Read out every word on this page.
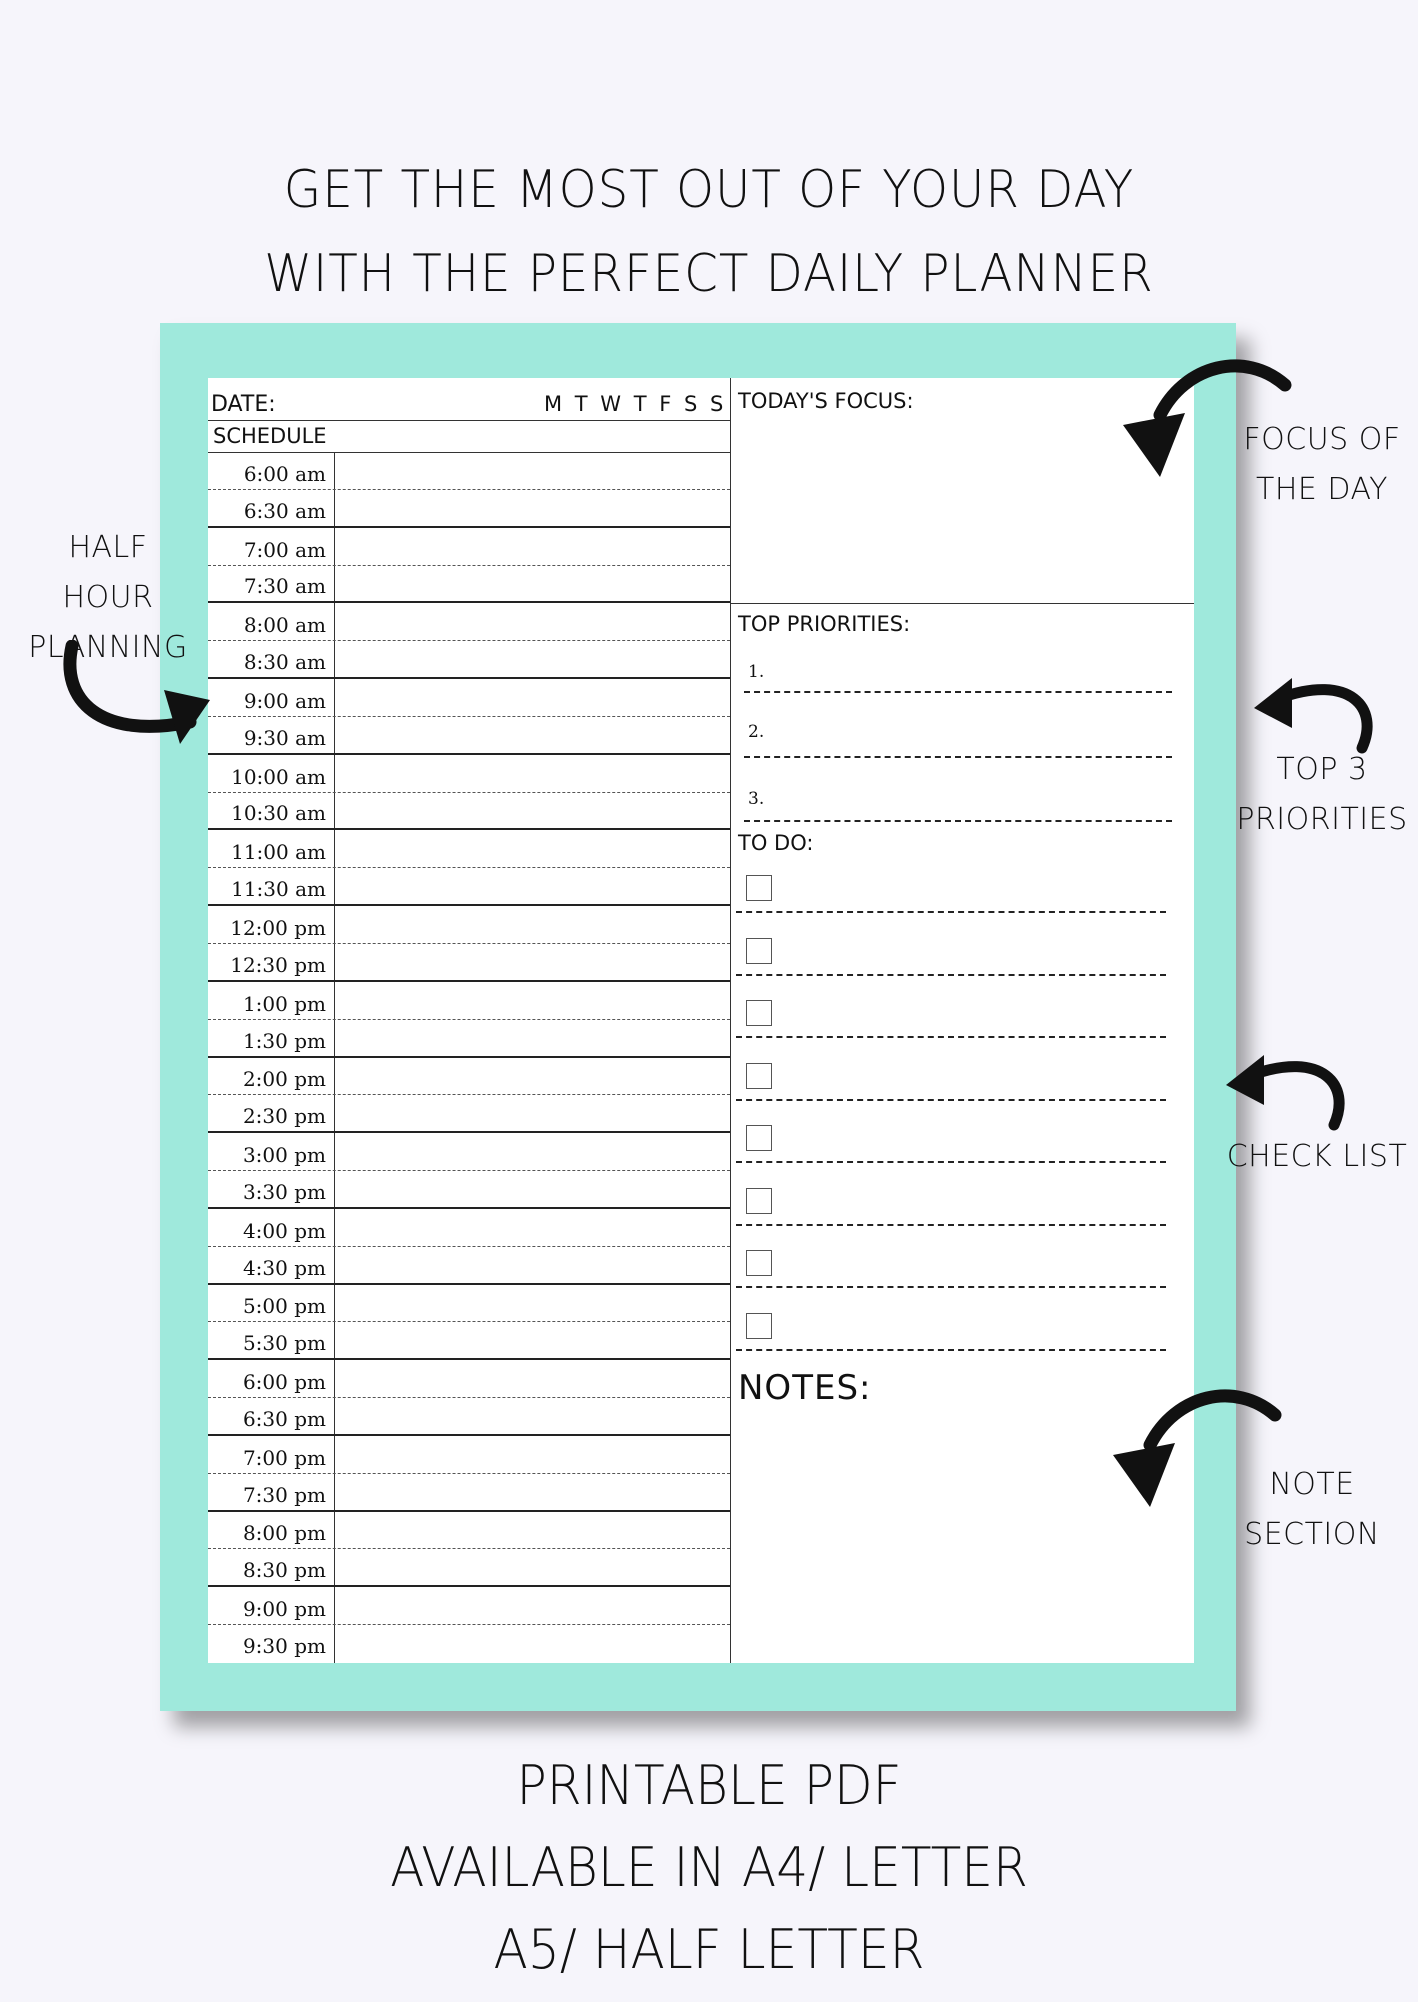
GET THE MOST OUT OF YOUR DAY
WITH THE PERFECT DAILY PLANNER
DATE:	M T W T F S S
SCHEDULE
6:00 am
6:30 am
7:00 am
7:30 am
8:00 am
8:30 am
9:00 am
9:30 am
10:00 am
10:30 am
11:00 am
11:30 am
12:00 pm
12:30 pm
1:00 pm
1:30 pm
2:00 pm
2:30 pm
3:00 pm
3:30 pm
4:00 pm
4:30 pm
5:00 pm
5:30 pm
6:00 pm
6:30 pm
7:00 pm
7:30 pm
8:00 pm
8:30 pm
9:00 pm
9:30 pm
TODAY'S FOCUS:
TOP PRIORITIES:
1.
2.
3.
TO DO:
NOTES:
HALF HOUR
PLANNING
FOCUS OF
THE DAY
TOP 3
PRIORITIES
CHECK LIST
NOTE
SECTION
PRINTABLE PDF
AVAILABLE IN A4/ LETTER
A5/ HALF LETTER
